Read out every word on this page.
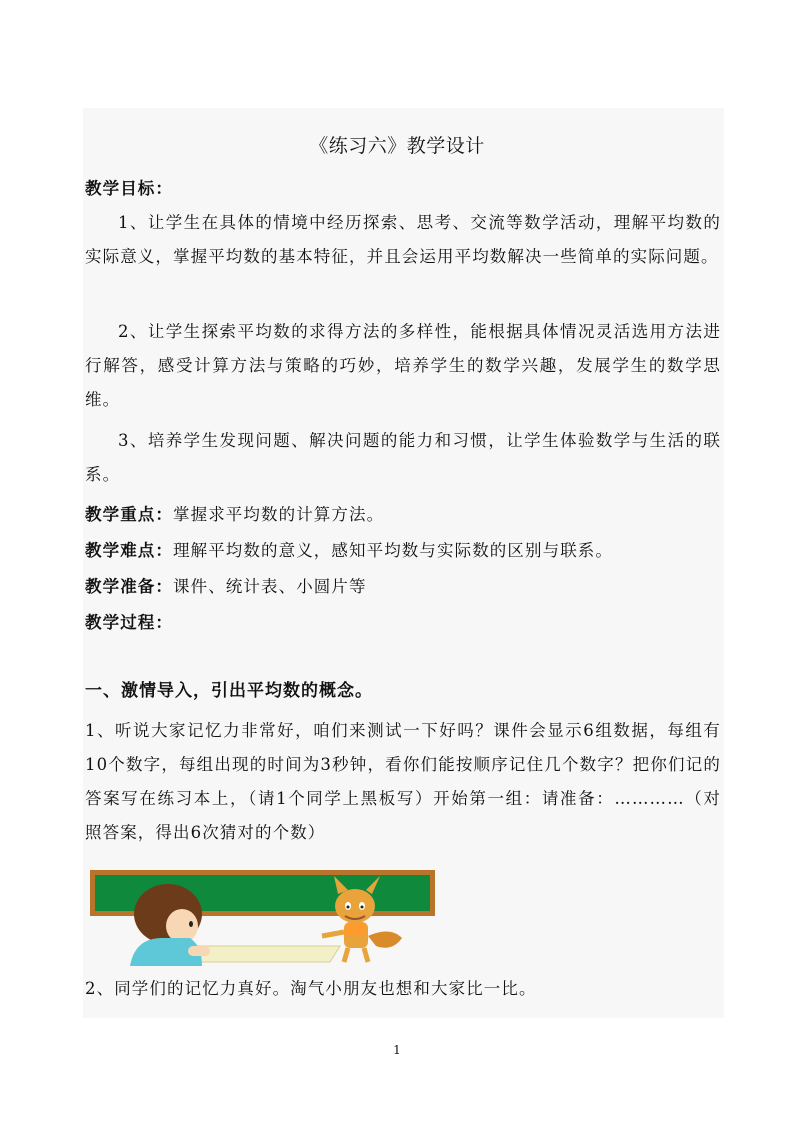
《练习六》教学设计
教学目标：
1、让学生在具体的情境中经历探索、思考、交流等数学活动，理解平均数的实际意义，掌握平均数的基本特征，并且会运用平均数解决一些简单的实际问题。
2、让学生探索平均数的求得方法的多样性，能根据具体情况灵活选用方法进行解答，感受计算方法与策略的巧妙，培养学生的数学兴趣，发展学生的数学思维。
3、培养学生发现问题、解决问题的能力和习惯，让学生体验数学与生活的联系。
教学重点：掌握求平均数的计算方法。
教学难点：理解平均数的意义，感知平均数与实际数的区别与联系。
教学准备：课件、统计表、小圆片等
教学过程：
一、激情导入，引出平均数的概念。
1、听说大家记忆力非常好，咱们来测试一下好吗？课件会显示6组数据，每组有10个数字，每组出现的时间为3秒钟，看你们能按顺序记住几个数字？把你们记的答案写在练习本上，（请1个同学上黑板写）开始第一组：请准备：…………（对照答案，得出6次猜对的个数）
2、同学们的记忆力真好。淘气小朋友也想和大家比一比。
1
